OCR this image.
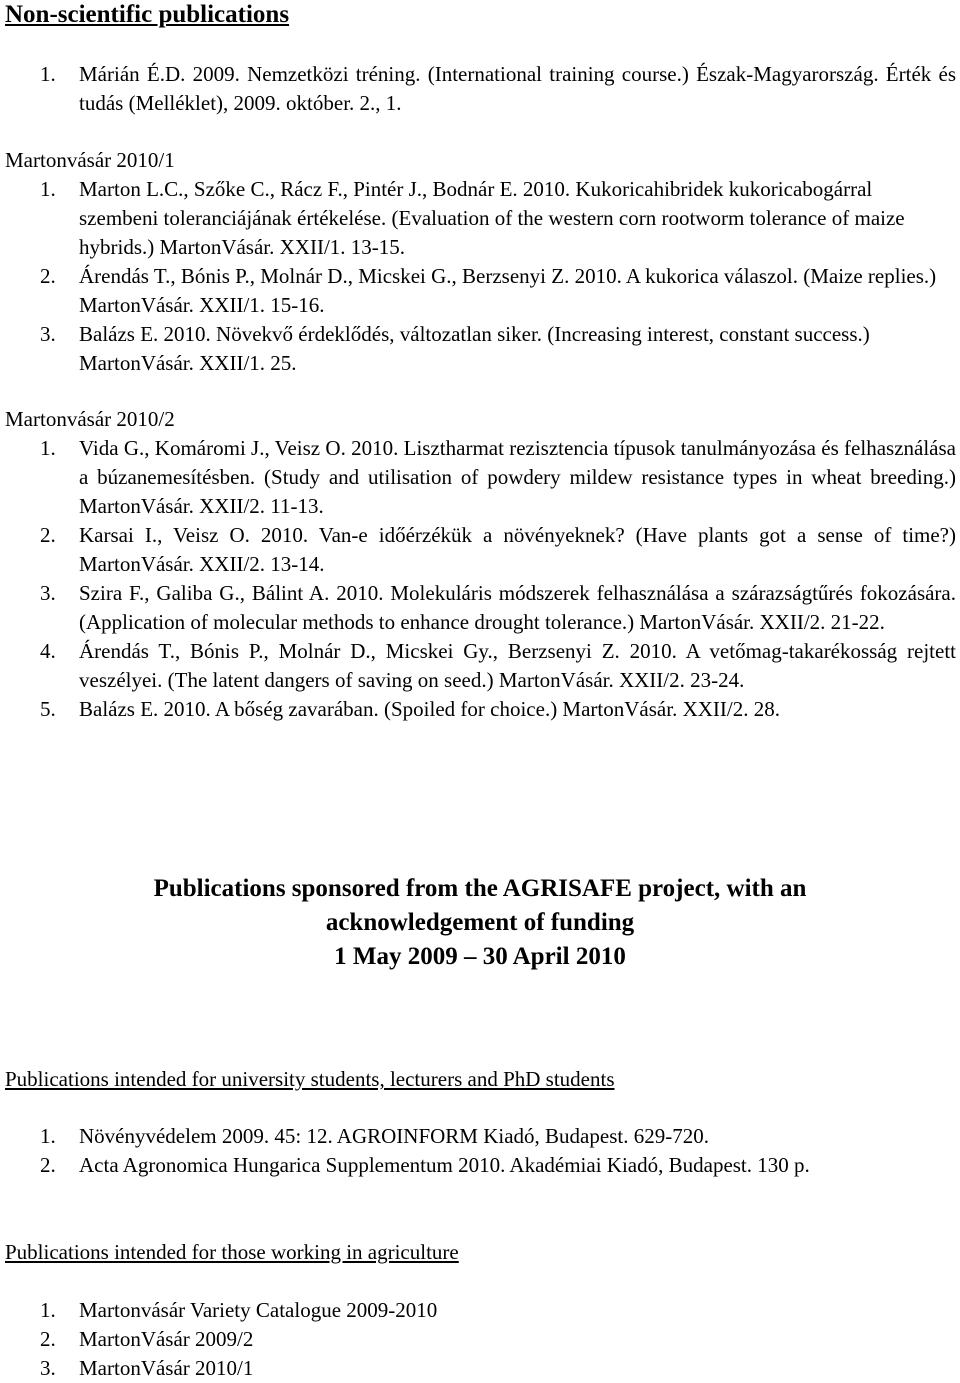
Non-scientific publications
1. Márián É.D. 2009. Nemzetközi tréning. (International training course.) Észak-Magyarország. Érték és tudás (Melléklet), 2009. október. 2., 1.
Martonvásár 2010/1
1. Marton L.C., Szőke C., Rácz F., Pintér J., Bodnár E. 2010. Kukoricahibridek kukoricabogárral szembeni toleranciájának értékelése. (Evaluation of the western corn rootworm tolerance of maize hybrids.) MartonVásár. XXII/1. 13-15.
2. Árendás T., Bónis P., Molnár D., Micskei G., Berzsenyi Z. 2010. A kukorica válaszol. (Maize replies.) MartonVásár. XXII/1. 15-16.
3. Balázs E. 2010. Növekvő érdeklődés, változatlan siker. (Increasing interest, constant success.) MartonVásár. XXII/1. 25.
Martonvásár 2010/2
1. Vida G., Komáromi J., Veisz O. 2010. Lisztharmat rezisztencia típusok tanulmányozása és felhasználása a búzanemesítésben. (Study and utilisation of powdery mildew resistance types in wheat breeding.) MartonVásár. XXII/2. 11-13.
2. Karsai I., Veisz O. 2010. Van-e időérzékük a növényeknek? (Have plants got a sense of time?) MartonVásár. XXII/2. 13-14.
3. Szira F., Galiba G., Bálint A. 2010. Molekuláris módszerek felhasználása a szárazságtűrés fokozására. (Application of molecular methods to enhance drought tolerance.) MartonVásár. XXII/2. 21-22.
4. Árendás T., Bónis P., Molnár D., Micskei Gy., Berzsenyi Z. 2010. A vetőmag-takarékosság rejtett veszélyei. (The latent dangers of saving on seed.) MartonVásár. XXII/2. 23-24.
5. Balázs E. 2010. A bőség zavarában. (Spoiled for choice.) MartonVásár. XXII/2. 28.
Publications sponsored from the AGRISAFE project, with an
acknowledgement of funding
1 May 2009 – 30 April 2010
Publications intended for university students, lecturers and PhD students
1. Növényvédelem 2009. 45: 12. AGROINFORM Kiadó, Budapest. 629-720.
2. Acta Agronomica Hungarica Supplementum 2010. Akadémiai Kiadó, Budapest. 130 p.
Publications intended for those working in agriculture
1. Martonvásár Variety Catalogue 2009-2010
2. MartonVásár 2009/2
3. MartonVásár 2010/1
